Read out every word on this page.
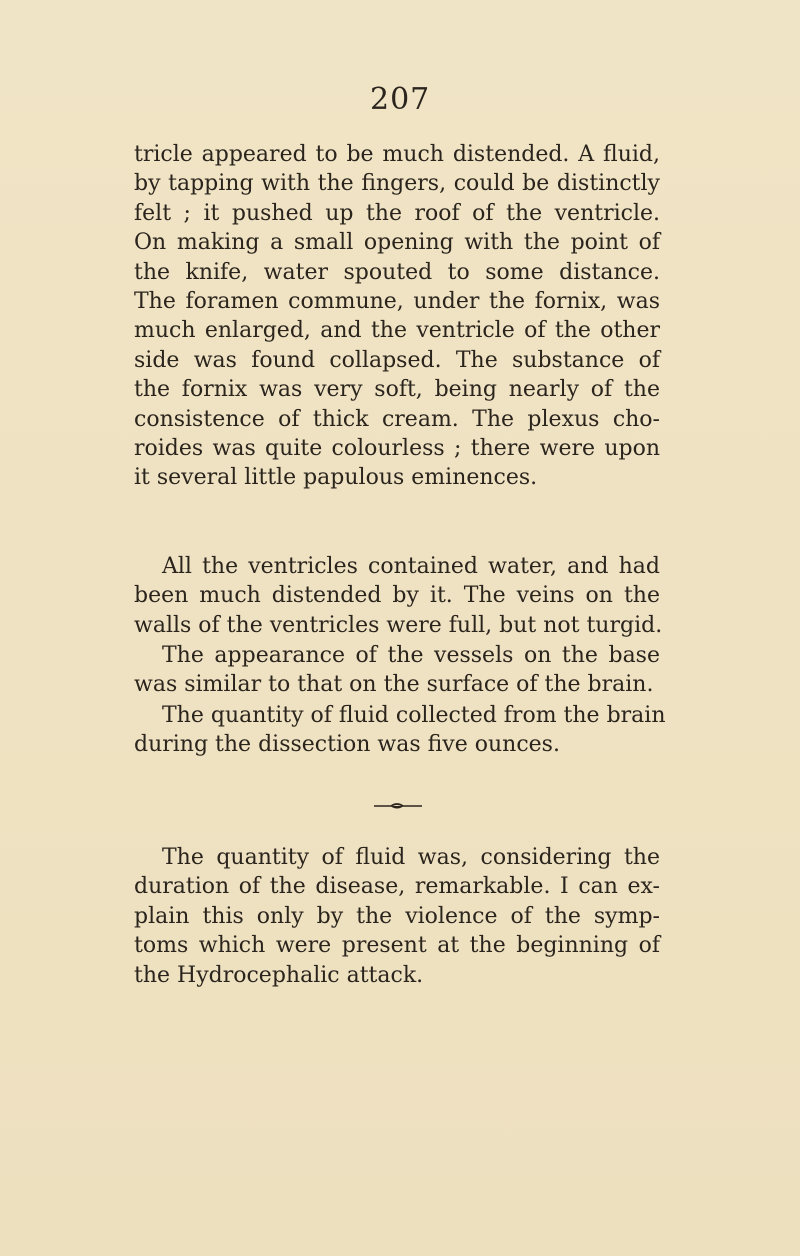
207
tricle appeared to be much distended. A fluid,
by tapping with the fingers, could be distinctly
felt ; it pushed up the roof of the ventricle.
On making a small opening with the point of
the knife, water spouted to some distance.
The foramen commune, under the fornix, was
much enlarged, and the ventricle of the other
side was found collapsed. The substance of
the fornix was very soft, being nearly of the
consistence of thick cream. The plexus cho-
roides was quite colourless ; there were upon
it several little papulous eminences.
All the ventricles contained water, and had
been much distended by it. The veins on the
walls of the ventricles were full, but not turgid.
The appearance of the vessels on the base
was similar to that on the surface of the brain.
The quantity of fluid collected from the brain
during the dissection was five ounces.
The quantity of fluid was, considering the
duration of the disease, remarkable. I can ex-
plain this only by the violence of the symp-
toms which were present at the beginning of
the Hydrocephalic attack.
